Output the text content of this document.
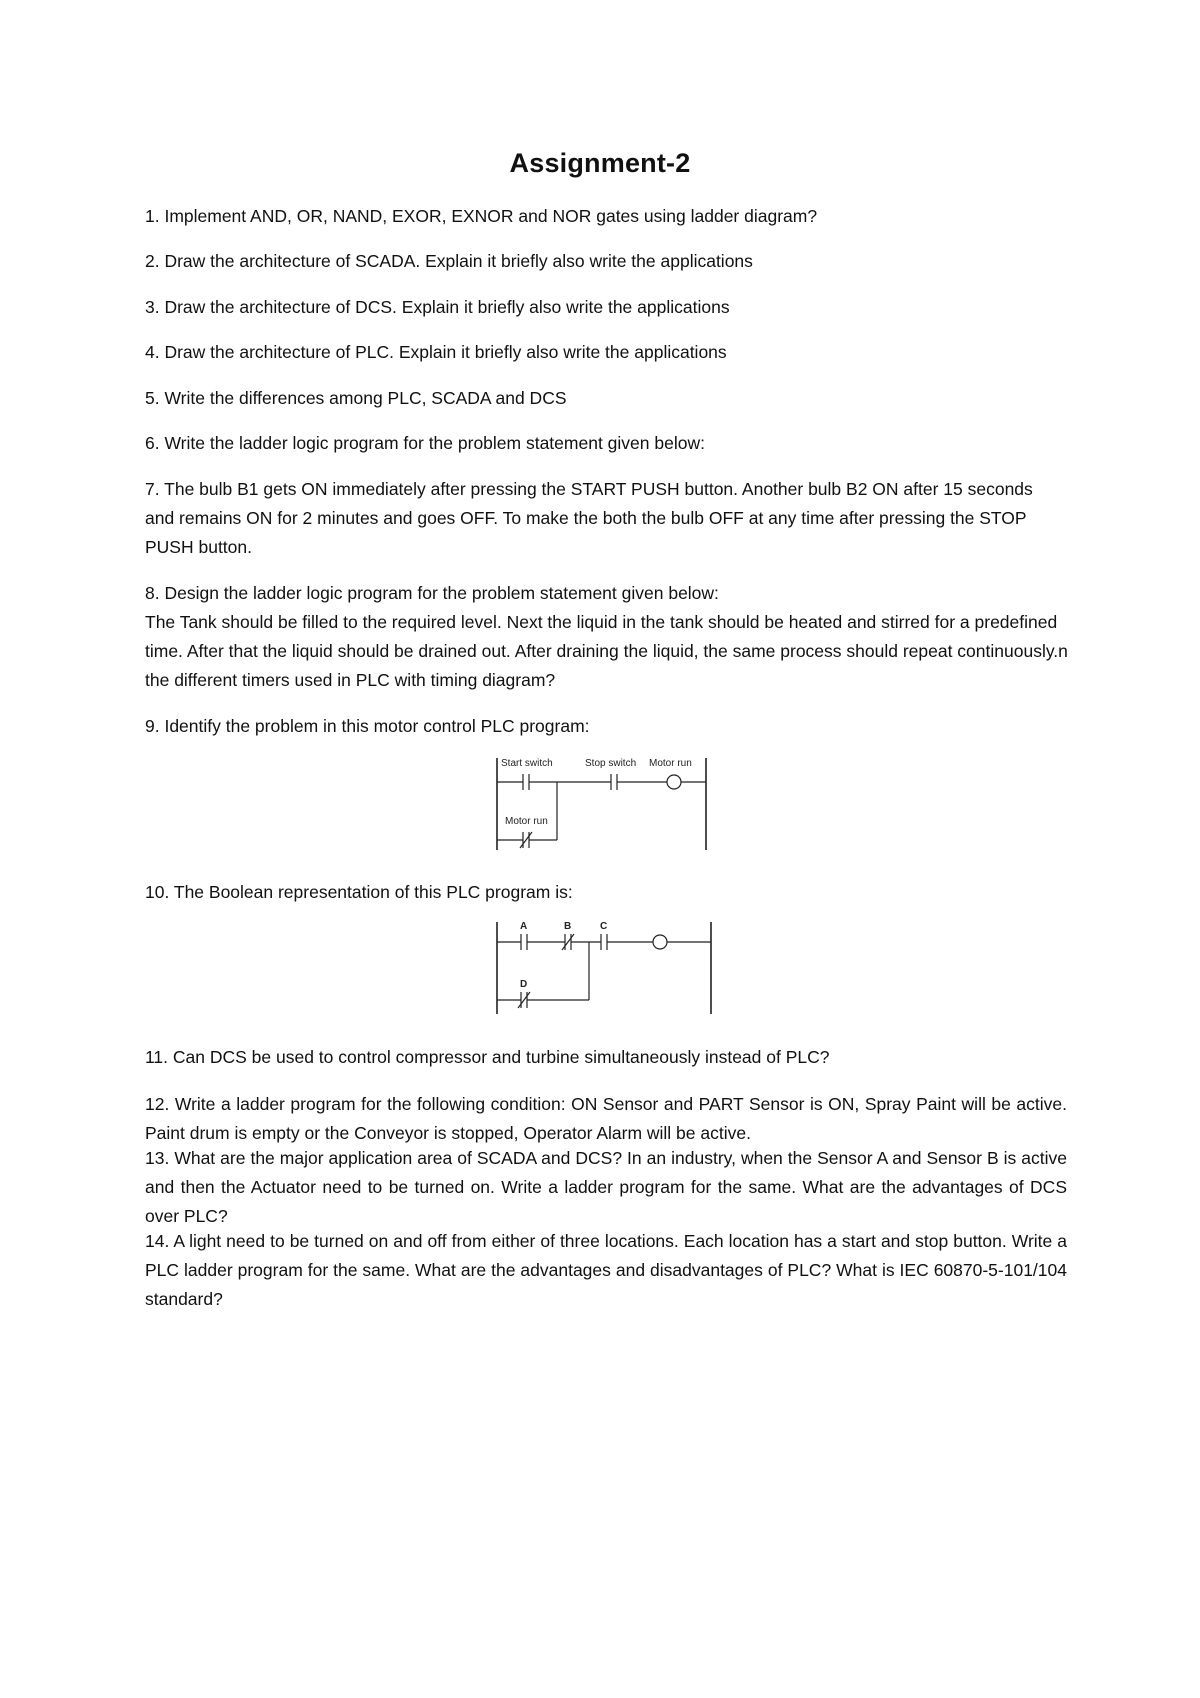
Assignment-2

1. Implement AND, OR, NAND, EXOR, EXNOR and NOR gates using ladder diagram?

2. Draw the architecture of SCADA. Explain it briefly also write the applications

3. Draw the architecture of DCS. Explain it briefly also write the applications

4. Draw the architecture of PLC. Explain it briefly also write the applications

5. Write the differences among PLC, SCADA and DCS

6. Write the ladder logic program for the problem statement given below:

7. The bulb B1 gets ON immediately after pressing the START PUSH button. Another bulb B2 ON after 15 seconds and remains ON for 2 minutes and goes OFF. To make the both the bulb OFF at any time after pressing the STOP PUSH button.

8. Design the ladder logic program for the problem statement given below:

The Tank should be filled to the required level. Next the liquid in the tank should be heated and stirred for a predefined time. After that the liquid should be drained out. After draining the liquid, the same process should repeat continuously.n the different timers used in PLC with timing diagram?

9. Identify the problem in this motor control PLC program:

Start switch	Stop switch Motor run
Motor run

10. The Boolean representation of this PLC program is:

A	B	C
D

11. Can DCS be used to control compressor and turbine simultaneously instead of PLC?

12. Write a ladder program for the following condition: ON Sensor and PART Sensor is ON, Spray Paint will be active. Paint drum is empty or the Conveyor is stopped, Operator Alarm will be active.

13. What are the major application area of SCADA and DCS? In an industry, when the Sensor A and Sensor B is active and then the Actuator need to be turned on. Write a ladder program for the same. What are the advantages of DCS over PLC?

14. A light need to be turned on and off from either of three locations. Each location has a start and stop button. Write a PLC ladder program for the same. What are the advantages and disadvantages of PLC? What is IEC 60870-5-101/104 standard?
